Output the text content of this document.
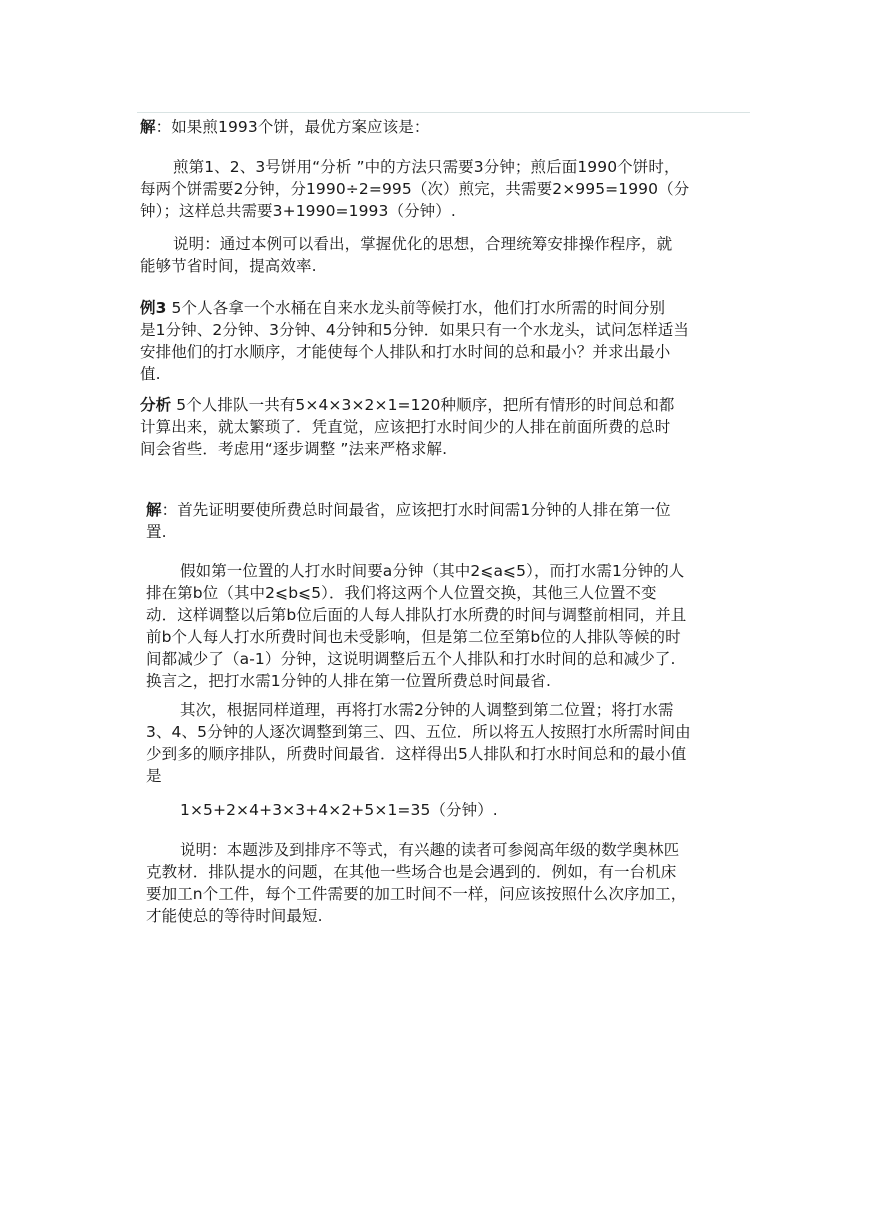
解：如果煎1993个饼，最优方案应该是：
煎第1、2、3号饼用“分析 ”中的方法只需要3分钟；煎后面1990个饼时，
每两个饼需要2分钟，分1990÷2=995（次）煎完，共需要2×995=1990（分
钟）；这样总共需要3+1990=1993（分钟）.
说明：通过本例可以看出，掌握优化的思想，合理统筹安排操作程序，就
能够节省时间，提高效率.
例3 5个人各拿一个水桶在自来水龙头前等候打水，他们打水所需的时间分别
是1分钟、2分钟、3分钟、4分钟和5分钟．如果只有一个水龙头，试问怎样适当
安排他们的打水顺序，才能使每个人排队和打水时间的总和最小？并求出最小
值.
分析 5个人排队一共有5×4×3×2×1=120种顺序，把所有情形的时间总和都
计算出来，就太繁琐了．凭直觉，应该把打水时间少的人排在前面所费的总时
间会省些．考虑用“逐步调整 ”法来严格求解.
解：首先证明要使所费总时间最省，应该把打水时间需1分钟的人排在第一位
置.
假如第一位置的人打水时间要a分钟（其中2⩽a⩽5），而打水需1分钟的人
排在第b位（其中2⩽b⩽5）．我们将这两个人位置交换，其他三人位置不变
动．这样调整以后第b位后面的人每人排队打水所费的时间与调整前相同，并且
前b个人每人打水所费时间也未受影响，但是第二位至第b位的人排队等候的时
间都减少了（a-1）分钟，这说明调整后五个人排队和打水时间的总和减少了.
换言之，把打水需1分钟的人排在第一位置所费总时间最省.
其次，根据同样道理，再将打水需2分钟的人调整到第二位置；将打水需
3、4、5分钟的人逐次调整到第三、四、五位．所以将五人按照打水所需时间由
少到多的顺序排队，所费时间最省．这样得出5人排队和打水时间总和的最小值
是
1×5+2×4+3×3+4×2+5×1=35（分钟）.
说明：本题涉及到排序不等式，有兴趣的读者可参阅高年级的数学奥林匹
克教材．排队提水的问题，在其他一些场合也是会遇到的．例如，有一台机床
要加工n个工件，每个工件需要的加工时间不一样，问应该按照什么次序加工，
才能使总的等待时间最短.
